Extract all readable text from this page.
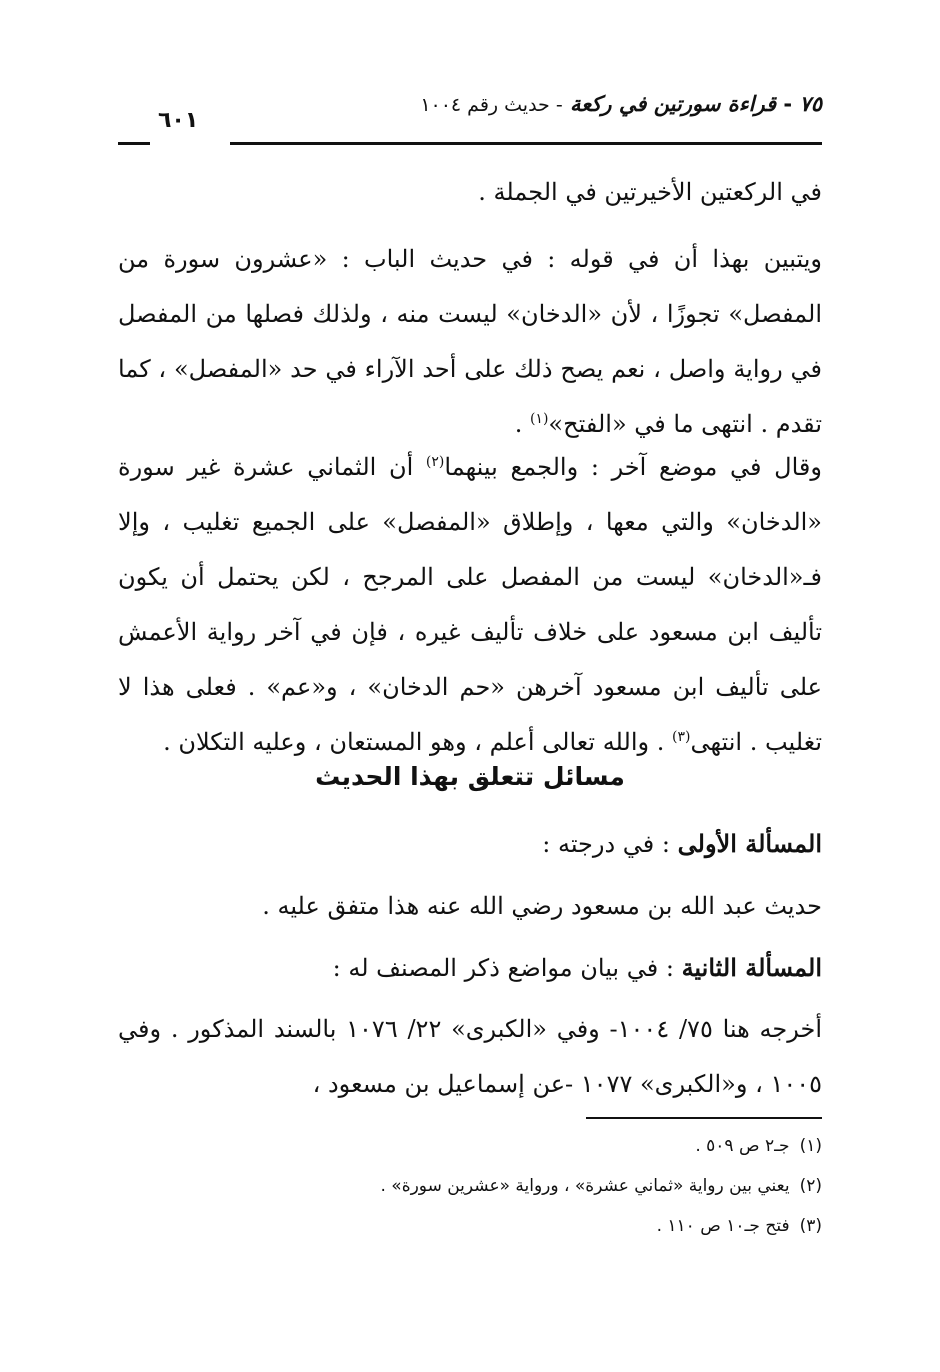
٧٥ - قراءة سورتين في ركعة - حديث رقم ١٠٠٤
٦٠١

في الركعتين الأخيرتين في الجملة .

ويتبين بهذا أن في قوله : في حديث الباب : «عشرون سورة من المفصل» تجوزًا ، لأن «الدخان» ليست منه ، ولذلك فصلها من المفصل في رواية واصل ، نعم يصح ذلك على أحد الآراء في حد «المفصل» ، كما تقدم . انتهى ما في «الفتح»$^{(١)}$ .

وقال في موضع آخر : والجمع بينهما$^{(٢)}$ أن الثماني عشرة غير سورة «الدخان» والتي معها ، وإطلاق «المفصل» على الجميع تغليب ، وإلا فـ«الدخان» ليست من المفصل على المرجح ، لكن يحتمل أن يكون تأليف ابن مسعود على خلاف تأليف غيره ، فإن في آخر رواية الأعمش على تأليف ابن مسعود آخرهن «حم الدخان» ، و«عم» . فعلى هذا لا تغليب . انتهى$^{(٣)}$ . والله تعالى أعلم ، وهو المستعان ، وعليه التكلان .

مسائل تتعلق بهذا الحديث
المسألة الأولى : في درجته :
حديث عبد الله بن مسعود رضي الله عنه هذا متفق عليه .
المسألة الثانية : في بيان مواضع ذكر المصنف له :

أخرجه هنا ٧٥/ ١٠٠٤- وفي «الكبرى» ٢٢/ ١٠٧٦ بالسند المذكور . وفي ١٠٠٥ ، و«الكبرى» ١٠٧٧ -عن إسماعيل بن مسعود ،

(١)جـ٢ ص ٥٠٩ .
(٢)يعني بين رواية «ثماني عشرة» ، ورواية «عشرين سورة» .
(٣)فتح جـ١٠ ص ١١٠ .
